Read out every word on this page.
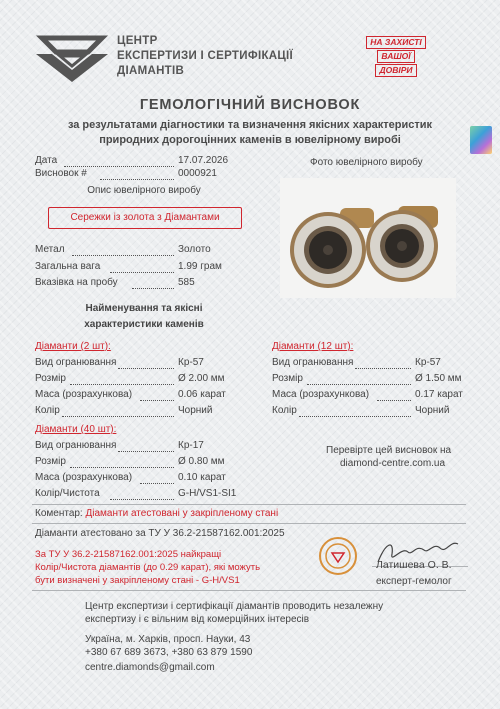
ЦЕНТР
ЕКСПЕРТИЗИ І СЕРТИФІКАЦІЇ
ДІАМАНТІВ
НА ЗАХИСТІ
ВАШОЇ
ДОВІРИ
ГЕМОЛОГІЧНИЙ ВИСНОВОК
за результатами діагностики та визначення якісних характеристик
природних дорогоцінних каменів в ювелірному виробі
Дата	17.07.2026
Висновок #	0000921
Опис ювелірного виробу
Сережки із золота з Діамантами
Фото ювелірного виробу
Метал	Золото
Загальна вага	1.99 грам
Вказівка на пробу	585
Найменування та якісні
характеристики каменів
Діаманти (2 шт):
Вид огранювання	Кр-57
Розмір	Ø 2.00 мм
Маса (розрахункова)	0.06 карат
Колір	Чорний
Діаманти (12 шт):
Вид огранювання	Кр-57
Розмір	Ø 1.50 мм
Маса (розрахункова)	0.17 карат
Колір	Чорний
Діаманти (40 шт):
Вид огранювання	Кр-17
Розмір	Ø 0.80 мм
Маса (розрахункова)	0.10 карат
Колір/Чистота	G-H/VS1-SI1
Перевірте цей висновок на
diamond-centre.com.ua
Коментар: Діаманти атестовані у закріпленому стані
Діаманти атестовано за ТУ У 36.2-21587162.001:2025
За ТУ У 36.2-21587162.001:2025 найкращі
Колір/Чистота діамантів (до 0.29 карат), які можуть
бути визначені у закріпленому стані - G-H/VS1
Латишева О. В.
експерт-гемолог
Центр експертизи і сертифікації діамантів проводить незалежну
експертизу і є вільним від комерційних інтересів
Україна, м. Харків, просп. Науки, 43
+380 67 689 3673, +380 63 879 1590
centre.diamonds@gmail.com
